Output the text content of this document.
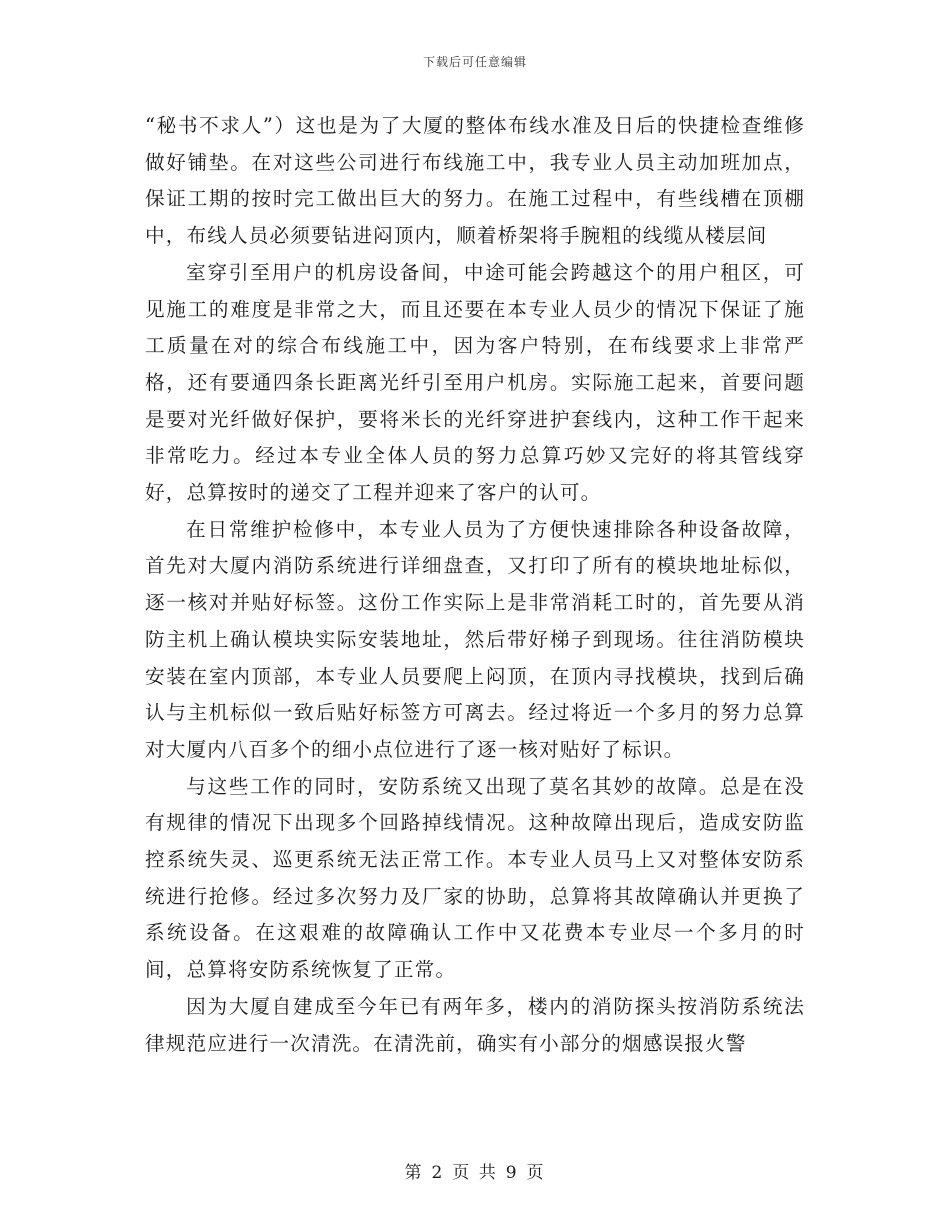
下载后可任意编辑

“秘书不求人”）这也是为了大厦的整体布线水准及日后的快捷检查维修做好铺垫。在对这些公司进行布线施工中，我专业人员主动加班加点，保证工期的按时完工做出巨大的努力。在施工过程中，有些线槽在顶棚中，布线人员必须要钻进闷顶内，顺着桥架将手腕粗的线缆从楼层间

室穿引至用户的机房设备间，中途可能会跨越这个的用户租区，可见施工的难度是非常之大，而且还要在本专业人员少的情况下保证了施工质量在对的综合布线施工中，因为客户特别，在布线要求上非常严格，还有要通四条长距离光纤引至用户机房。实际施工起来，首要问题是要对光纤做好保护，要将米长的光纤穿进护套线内，这种工作干起来非常吃力。经过本专业全体人员的努力总算巧妙又完好的将其管线穿好，总算按时的递交了工程并迎来了客户的认可。

在日常维护检修中，本专业人员为了方便快速排除各种设备故障，首先对大厦内消防系统进行详细盘查，又打印了所有的模块地址标似，逐一核对并贴好标签。这份工作实际上是非常消耗工时的，首先要从消防主机上确认模块实际安装地址，然后带好梯子到现场。往往消防模块安装在室内顶部，本专业人员要爬上闷顶，在顶内寻找模块，找到后确认与主机标似一致后贴好标签方可离去。经过将近一个多月的努力总算对大厦内八百多个的细小点位进行了逐一核对贴好了标识。

与这些工作的同时，安防系统又出现了莫名其妙的故障。总是在没有规律的情况下出现多个回路掉线情况。这种故障出现后，造成安防监控系统失灵、巡更系统无法正常工作。本专业人员马上又对整体安防系统进行抢修。经过多次努力及厂家的协助，总算将其故障确认并更换了系统设备。在这艰难的故障确认工作中又花费本专业尽一个多月的时间，总算将安防系统恢复了正常。

因为大厦自建成至今年已有两年多，楼内的消防探头按消防系统法律规范应进行一次清洗。在清洗前，确实有小部分的烟感误报火警

第 2 页 共 9 页
